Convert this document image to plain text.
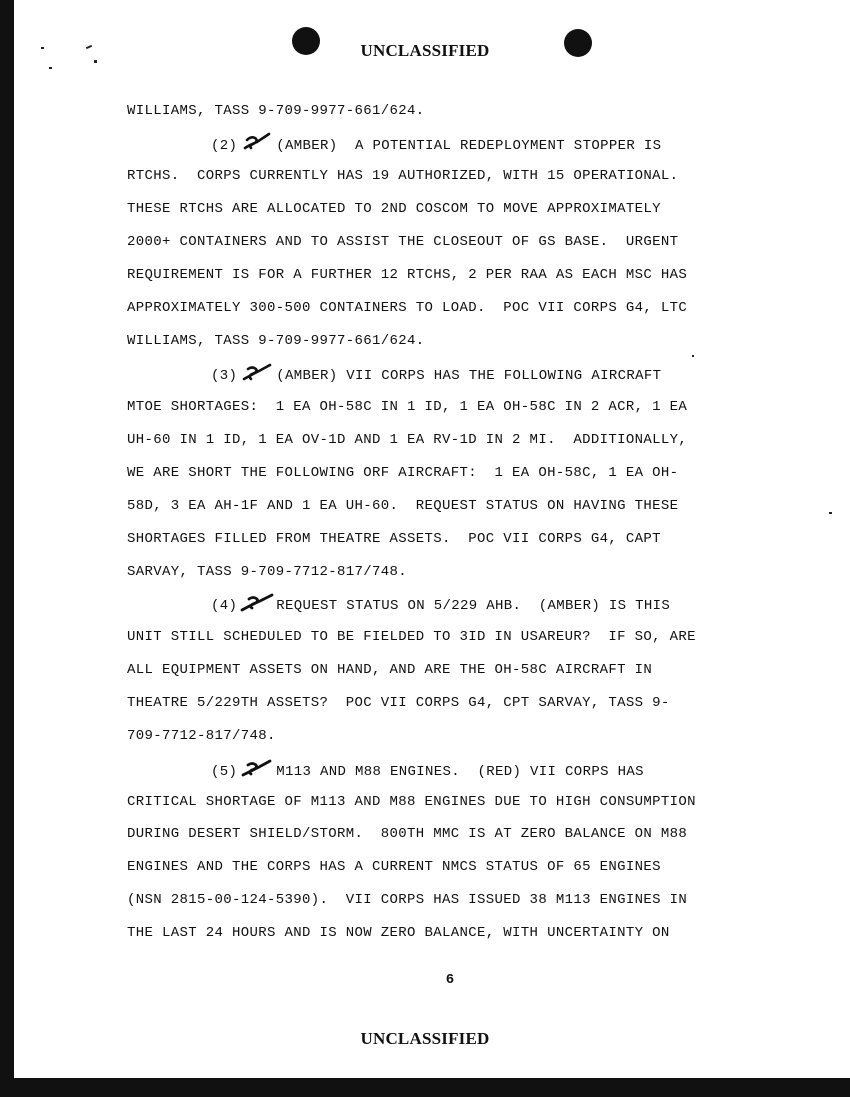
UNCLASSIFIED
WILLIAMS, TASS 9-709-9977-661/624.
(2)	(AMBER)  A POTENTIAL REDEPLOYMENT STOPPER IS
RTCHS.  CORPS CURRENTLY HAS 19 AUTHORIZED, WITH 15 OPERATIONAL.
THESE RTCHS ARE ALLOCATED TO 2ND COSCOM TO MOVE APPROXIMATELY
2000+ CONTAINERS AND TO ASSIST THE CLOSEOUT OF GS BASE.  URGENT
REQUIREMENT IS FOR A FURTHER 12 RTCHS, 2 PER RAA AS EACH MSC HAS
APPROXIMATELY 300-500 CONTAINERS TO LOAD.  POC VII CORPS G4, LTC
WILLIAMS, TASS 9-709-9977-661/624.
(3)	(AMBER) VII CORPS HAS THE FOLLOWING AIRCRAFT
MTOE SHORTAGES:  1 EA OH-58C IN 1 ID, 1 EA OH-58C IN 2 ACR, 1 EA
UH-60 IN 1 ID, 1 EA OV-1D AND 1 EA RV-1D IN 2 MI.  ADDITIONALLY,
WE ARE SHORT THE FOLLOWING ORF AIRCRAFT:  1 EA OH-58C, 1 EA OH-
58D, 3 EA AH-1F AND 1 EA UH-60.  REQUEST STATUS ON HAVING THESE
SHORTAGES FILLED FROM THEATRE ASSETS.  POC VII CORPS G4, CAPT
SARVAY, TASS 9-709-7712-817/748.
(4)	REQUEST STATUS ON 5/229 AHB.  (AMBER) IS THIS
UNIT STILL SCHEDULED TO BE FIELDED TO 3ID IN USAREUR?  IF SO, ARE
ALL EQUIPMENT ASSETS ON HAND, AND ARE THE OH-58C AIRCRAFT IN
THEATRE 5/229TH ASSETS?  POC VII CORPS G4, CPT SARVAY, TASS 9-
709-7712-817/748.
(5)	M113 AND M88 ENGINES.  (RED) VII CORPS HAS
CRITICAL SHORTAGE OF M113 AND M88 ENGINES DUE TO HIGH CONSUMPTION
DURING DESERT SHIELD/STORM.  800TH MMC IS AT ZERO BALANCE ON M88
ENGINES AND THE CORPS HAS A CURRENT NMCS STATUS OF 65 ENGINES
(NSN 2815-00-124-5390).  VII CORPS HAS ISSUED 38 M113 ENGINES IN
THE LAST 24 HOURS AND IS NOW ZERO BALANCE, WITH UNCERTAINTY ON
6
UNCLASSIFIED
